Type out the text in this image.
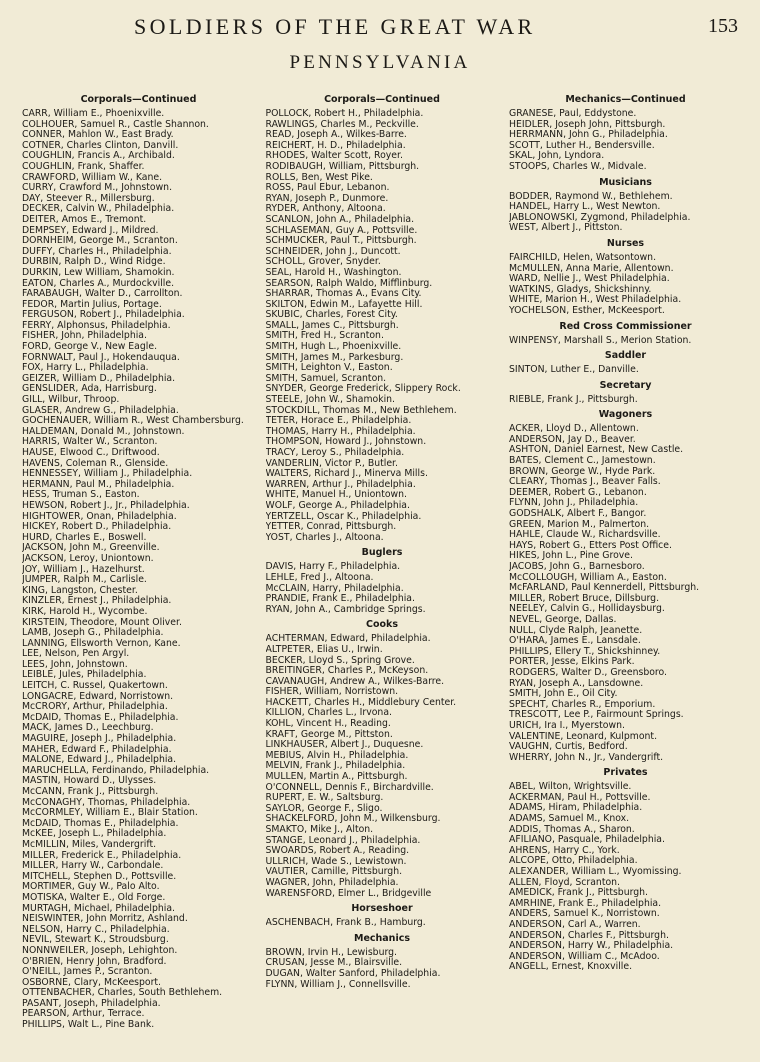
SOLDIERS OF THE GREAT WAR	153
PENNSYLVANIA
Corporals—Continued
CARR, William E., Phoenixville.
COLHOUER, Samuel R., Castle Shannon.
CONNER, Mahlon W., East Brady.
COTNER, Charles Clinton, Danvill.
COUGHLIN, Francis A., Archibald.
COUGHLIN, Frank, Shaffer.
CRAWFORD, William W., Kane.
CURRY, Crawford M., Johnstown.
DAY, Steever R., Millersburg.
DECKER, Calvin W., Philadelphia.
DEITER, Amos E., Tremont.
DEMPSEY, Edward J., Mildred.
DORNHEIM, George M., Scranton.
DUFFY, Charles H., Philadelphia.
DURBIN, Ralph D., Wind Ridge.
DURKIN, Lew William, Shamokin.
EATON, Charles A., Murdockville.
FARABAUGH, Walter D., Carrollton.
FEDOR, Martin Julius, Portage.
FERGUSON, Robert J., Philadelphia.
FERRY, Alphonsus, Philadelphia.
FISHER, John, Philadelphia.
FORD, George V., New Eagle.
FORNWALT, Paul J., Hokendauqua.
FOX, Harry L., Philadelphia.
GEIZER, William D., Philadelphia.
GENSLIDER, Ada, Harrisburg.
GILL, Wilbur, Throop.
GLASER, Andrew G., Philadelphia.
GOCHENAUER, William R., West Chambersburg.
HALDEMAN, Donald M., Johnstown.
HARRIS, Walter W., Scranton.
HAUSE, Elwood C., Driftwood.
HAVENS, Coleman R., Glenside.
HENNESSEY, William J., Philadelphia.
HERMANN, Paul M., Philadelphia.
HESS, Truman S., Easton.
HEWSON, Robert J., Jr., Philadelphia.
HIGHTOWER, Onan, Philadelphia.
HICKEY, Robert D., Philadelphia.
HURD, Charles E., Boswell.
JACKSON, John M., Greenville.
JACKSON, Leroy, Uniontown.
JOY, William J., Hazelhurst.
JUMPER, Ralph M., Carlisle.
KING, Langston, Chester.
KINZLER, Ernest J., Philadelphia.
KIRK, Harold H., Wycombe.
KIRSTEIN, Theodore, Mount Oliver.
LAMB, Joseph G., Philadelphia.
LANNING, Ellsworth Vernon, Kane.
LEE, Nelson, Pen Argyl.
LEES, John, Johnstown.
LEIBLE, Jules, Philadelphia.
LEITCH, C. Russel, Quakertown.
LONGACRE, Edward, Norristown.
McCRORY, Arthur, Philadelphia.
McDAID, Thomas E., Philadelphia.
MACK, James D., Leechburg.
MAGUIRE, Joseph J., Philadelphia.
MAHER, Edward F., Philadelphia.
MALONE, Edward J., Philadelphia.
MARUCHELLA, Ferdinando, Philadelphia.
MASTIN, Howard D., Ulysses.
McCANN, Frank J., Pittsburgh.
McCONAGHY, Thomas, Philadelphia.
McCORMLEY, William E., Blair Station.
McDAID, Thomas E., Philadelphia.
McKEE, Joseph L., Philadelphia.
McMILLIN, Miles, Vandergrift.
MILLER, Frederick E., Philadelphia.
MILLER, Harry W., Carbondale.
MITCHELL, Stephen D., Pottsville.
MORTIMER, Guy W., Palo Alto.
MOTISKA, Walter E., Old Forge.
MURTAGH, Michael, Philadelphia.
NEISWINTER, John Morritz, Ashland.
NELSON, Harry C., Philadelphia.
NEVIL, Stewart K., Stroudsburg.
NONNWEILER, Joseph, Lehighton.
O'BRIEN, Henry John, Bradford.
O'NEILL, James P., Scranton.
OSBORNE, Clary, McKeesport.
OTTENBACHER, Charles, South Bethlehem.
PASANT, Joseph, Philadelphia.
PEARSON, Arthur, Terrace.
PHILLIPS, Walt L., Pine Bank.
Corporals—Continued
POLLOCK, Robert H., Philadelphia.
RAWLINGS, Charles M., Peckville.
READ, Joseph A., Wilkes-Barre.
REICHERT, H. D., Philadelphia.
RHODES, Walter Scott, Royer.
RODIBAUGH, William, Pittsburgh.
ROLLS, Ben, West Pike.
ROSS, Paul Ebur, Lebanon.
RYAN, Joseph P., Dunmore.
RYDER, Anthony, Altoona.
SCANLON, John A., Philadelphia.
SCHLASEMAN, Guy A., Pottsville.
SCHMUCKER, Paul T., Pittsburgh.
SCHNEIDER, John J., Duncott.
SCHOLL, Grover, Snyder.
SEAL, Harold H., Washington.
SEARSON, Ralph Waldo, Mifflinburg.
SHARRAR, Thomas A., Evans City.
SKILTON, Edwin M., Lafayette Hill.
SKUBIC, Charles, Forest City.
SMALL, James C., Pittsburgh.
SMITH, Fred H., Scranton.
SMITH, Hugh L., Phoenixville.
SMITH, James M., Parkesburg.
SMITH, Leighton V., Easton.
SMITH, Samuel, Scranton.
SNYDER, George Frederick, Slippery Rock.
STEELE, John W., Shamokin.
STOCKDILL, Thomas M., New Bethlehem.
TETER, Horace E., Philadelphia.
THOMAS, Harry H., Philadelphia.
THOMPSON, Howard J., Johnstown.
TRACY, Leroy S., Philadelphia.
VANDERLIN, Victor P., Butler.
WALTERS, Richard J., Minerva Mills.
WARREN, Arthur J., Philadelphia.
WHITE, Manuel H., Uniontown.
WOLF, George A., Philadelphia.
YERTZELL, Oscar K., Philadelphia.
YETTER, Conrad, Pittsburgh.
YOST, Charles J., Altoona.
Buglers
DAVIS, Harry F., Philadelphia.
LEHLE, Fred J., Altoona.
McCLAIN, Harry, Philadelphia.
PRANDIE, Frank E., Philadelphia.
RYAN, John A., Cambridge Springs.
Cooks
ACHTERMAN, Edward, Philadelphia.
ALTPETER, Elias U., Irwin.
BECKER, Lloyd S., Spring Grove.
BREITINGER, Charles P., McKeyson.
CAVANAUGH, Andrew A., Wilkes-Barre.
FISHER, William, Norristown.
HACKETT, Charles H., Middlebury Center.
KILLION, Charles L., Irvona.
KOHL, Vincent H., Reading.
KRAFT, George M., Pittston.
LINKHAUSER, Albert J., Duquesne.
MEBIUS, Alvin H., Philadelphia.
MELVIN, Frank J., Philadelphia.
MULLEN, Martin A., Pittsburgh.
O'CONNELL, Dennis F., Birchardville.
RUPERT, E. W., Saltsburg.
SAYLOR, George F., Sligo.
SHACKELFORD, John M., Wilkensburg.
SMAKTO, Mike J., Alton.
STANGE, Leonard J., Philadelphia.
SWOARDS, Robert A., Reading.
ULLRICH, Wade S., Lewistown.
VAUTIER, Camille, Pittsburgh.
WAGNER, John, Philadelphia.
WARENSFORD, Elmer L., Bridgeville
Horseshoer
ASCHENBACH, Frank B., Hamburg.
Mechanics
BROWN, Irvin H., Lewisburg.
CRUSAN, Jesse M., Blairsville.
DUGAN, Walter Sanford, Philadelphia.
FLYNN, William J., Connellsville.
Mechanics—Continued
GRANESE, Paul, Eddystone.
HEIDLER, Joseph John, Pittsburgh.
HERRMANN, John G., Philadelphia.
SCOTT, Luther H., Bendersville.
SKAL, John, Lyndora.
STOOPS, Charles W., Midvale.
Musicians
BODDER, Raymond W., Bethlehem.
HANDEL, Harry L., West Newton.
JABLONOWSKI, Zygmond, Philadelphia.
WEST, Albert J., Pittston.
Nurses
FAIRCHILD, Helen, Watsontown.
McMULLEN, Anna Marie, Allentown.
WARD, Nellie J., West Philadelphia.
WATKINS, Gladys, Shickshinny.
WHITE, Marion H., West Philadelphia.
YOCHELSON, Esther, McKeesport.
Red Cross Commissioner
WINPENSY, Marshall S., Merion Station.
Saddler
SINTON, Luther E., Danville.
Secretary
RIEBLE, Frank J., Pittsburgh.
Wagoners
ACKER, Lloyd D., Allentown.
ANDERSON, Jay D., Beaver.
ASHTON, Daniel Earnest, New Castle.
BATES, Clement C., Jamestown.
BROWN, George W., Hyde Park.
CLEARY, Thomas J., Beaver Falls.
DEEMER, Robert G., Lebanon.
FLYNN, John J., Philadelphia.
GODSHALK, Albert F., Bangor.
GREEN, Marion M., Palmerton.
HAHLE, Claude W., Richardsville.
HAYS, Robert G., Etters Post Office.
HIKES, John L., Pine Grove.
JACOBS, John G., Barnesboro.
McCOLLOUGH, William A., Easton.
McFARLAND, Paul Kennerdell, Pittsburgh.
MILLER, Robert Bruce, Dillsburg.
NEELEY, Calvin G., Hollidaysburg.
NEVEL, George, Dallas.
NULL, Clyde Ralph, Jeanette.
O'HARA, James E., Lansdale.
PHILLIPS, Ellery T., Shickshinney.
PORTER, Jesse, Elkins Park.
RODGERS, Walter D., Greensboro.
RYAN, Joseph A., Lansdowne.
SMITH, John E., Oil City.
SPECHT, Charles R., Emporium.
TRESCOTT, Lee P., Fairmount Springs.
URICH, Ira I., Myerstown.
VALENTINE, Leonard, Kulpmont.
VAUGHN, Curtis, Bedford.
WHERRY, John N., Jr., Vandergrift.
Privates
ABEL, Wilton, Wrightsville.
ACKERMAN, Paul H., Pottsville.
ADAMS, Hiram, Philadelphia.
ADAMS, Samuel M., Knox.
ADDIS, Thomas A., Sharon.
AFILIANO, Pasquale, Philadelphia.
AHRENS, Harry C., York.
ALCOPE, Otto, Philadelphia.
ALEXANDER, William L., Wyomissing.
ALLEN, Floyd, Scranton.
AMEDICK, Frank J., Pittsburgh.
AMRHINE, Frank E., Philadelphia.
ANDERS, Samuel K., Norristown.
ANDERSON, Carl A., Warren.
ANDERSON, Charles F., Pittsburgh.
ANDERSON, Harry W., Philadelphia.
ANDERSON, William C., McAdoo.
ANGELL, Ernest, Knoxville.
